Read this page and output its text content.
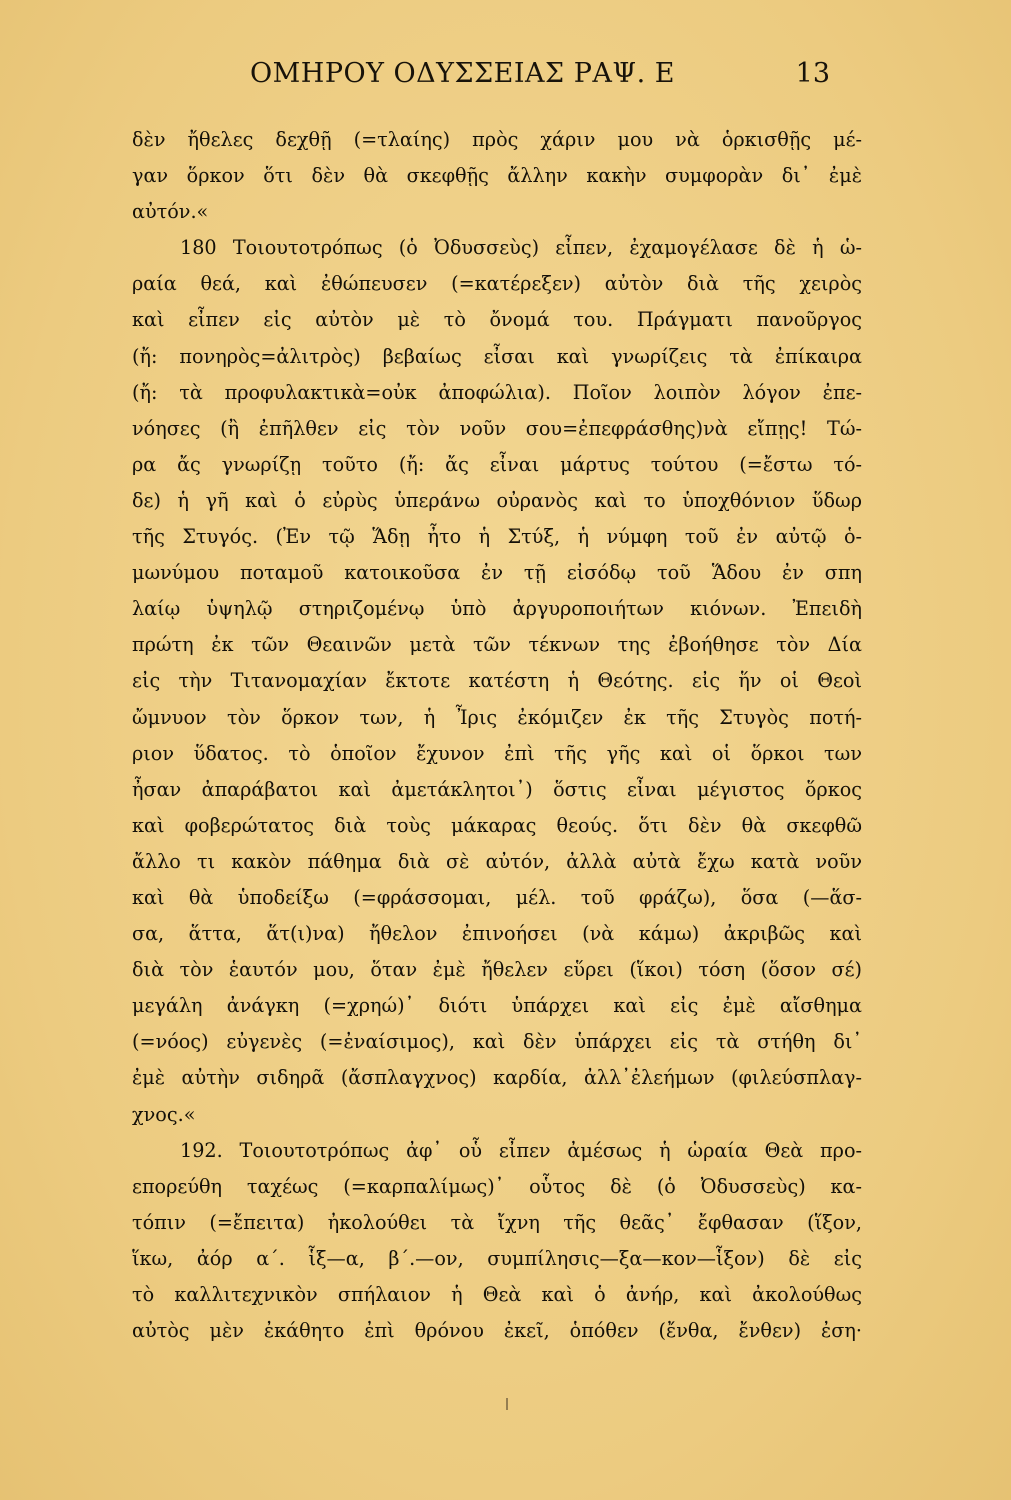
ΟΜΗΡΟΥ ΟΔΥΣΣΕΙΑΣ ΡΑΨ. Ε	13
δὲν ἤθελες δεχθῇ (=τλαίης) πρὸς χάριν μου νὰ ὁρκισθῇς μέ-
γαν ὅρκον ὅτι δὲν θὰ σκεφθῇς ἄλλην κακὴν συμφορὰν δι᾽ ἐμὲ
αὐτόν.«
180 Τοιουτοτρόπως (ὁ Ὀδυσσεὺς) εἶπεν, ἐχαμογέλασε δὲ ἡ ὡ-
ραία θεά, καὶ ἐθώπευσεν (=κατέρεξεν) αὐτὸν διὰ τῆς χειρὸς
καὶ εἶπεν εἰς αὐτὸν μὲ τὸ ὄνομά του. Πράγματι πανοῦργος
(ἤ: πονηρὸς=ἀλιτρὸς) βεβαίως εἶσαι καὶ γνωρίζεις τὰ ἐπίκαιρα
(ἤ: τὰ προφυλακτικὰ=οὐκ ἀποφώλια). Ποῖον λοιπὸν λόγον ἐπε-
νόησες (ἢ ἐπῆλθεν εἰς τὸν νοῦν σου=ἐπεφράσθης)νὰ εἴπῃς! Τώ-
ρα ἄς γνωρίζῃ τοῦτο (ἤ: ἄς εἶναι μάρτυς τούτου (=ἔστω τό-
δε) ἡ γῆ καὶ ὁ εὐρὺς ὑπεράνω οὐρανὸς καὶ το ὑποχθόνιον ὕδωρ
τῆς Στυγός. (Ἐν τῷ Ἅδῃ ἦτο ἡ Στύξ, ἡ νύμφη τοῦ ἐν αὐτῷ ὁ-
μωνύμου ποταμοῦ κατοικοῦσα ἐν τῇ εἰσόδῳ τοῦ Ἅδου ἐν σπη
λαίῳ ὑψηλῷ στηριζομένῳ ὑπὸ ἀργυροποιήτων κιόνων. Ἐπειδὴ
πρώτη ἐκ τῶν Θεαινῶν μετὰ τῶν τέκνων της ἐβοήθησε τὸν Δία
εἰς τὴν Τιτανομαχίαν ἔκτοτε κατέστη ἡ Θεότης. εἰς ἥν οἱ Θεοὶ
ὤμνυον τὸν ὅρκον των, ἡ Ἶρις ἐκόμιζεν ἐκ τῆς Στυγὸς ποτή-
ριον ὕδατος. τὸ ὁποῖον ἔχυνον ἐπὶ τῆς γῆς καὶ οἱ ὅρκοι των
ἦσαν ἀπαράβατοι καὶ ἀμετάκλητοι᾽) ὅστις εἶναι μέγιστος ὅρκος
καὶ φοβερώτατος διὰ τοὺς μάκαρας θεούς. ὅτι δὲν θὰ σκεφθῶ
ἄλλο τι κακὸν πάθημα διὰ σὲ αὐτόν, ἀλλὰ αὐτὰ ἔχω κατὰ νοῦν
καὶ θὰ ὑποδείξω (=φράσσομαι, μέλ. τοῦ φράζω), ὅσα (—ἅσ-
σα, ἅττα, ἅτ(ι)να) ἤθελον ἐπινοήσει (νὰ κάμω) ἀκριβῶς καὶ
διὰ τὸν ἑαυτόν μου, ὅταν ἐμὲ ἤθελεν εὕρει (ἵκοι) τόση (ὅσον σέ)
μεγάλη ἀνάγκη (=χρηώ)᾽ διότι ὑπάρχει καὶ εἰς ἐμὲ αἴσθημα
(=νόος) εὐγενὲς (=ἐναίσιμος), καὶ δὲν ὑπάρχει εἰς τὰ στήθη δι᾽
ἐμὲ αὐτὴν σιδηρᾶ (ἄσπλαγχνος) καρδία, ἀλλ᾽ἐλεήμων (φιλεύσπλαγ-
χνος.«
192. Τοιουτοτρόπως ἀφ᾽ οὗ εἶπεν ἀμέσως ἡ ὡραία Θεὰ προ-
επορεύθη ταχέως (=καρπαλίμως)᾽ οὗτος δὲ (ὁ Ὀδυσσεὺς) κα-
τόπιν (=ἔπειτα) ἠκολούθει τὰ ἴχνη τῆς θεᾶς᾽ ἔφθασαν (ἵξον,
ἵκω, ἀόρ α΄. ἷξ—α, β΄.—ον, συμπίλησις—ξα—κον—ἷξον) δὲ εἰς
τὸ καλλιτεχνικὸν σπήλαιον ἡ Θεὰ καὶ ὁ ἀνήρ, καὶ ἀκολούθως
αὐτὸς μὲν ἐκάθητο ἐπὶ θρόνου ἐκεῖ, ὁπόθεν (ἔνθα, ἔνθεν) ἐση·
